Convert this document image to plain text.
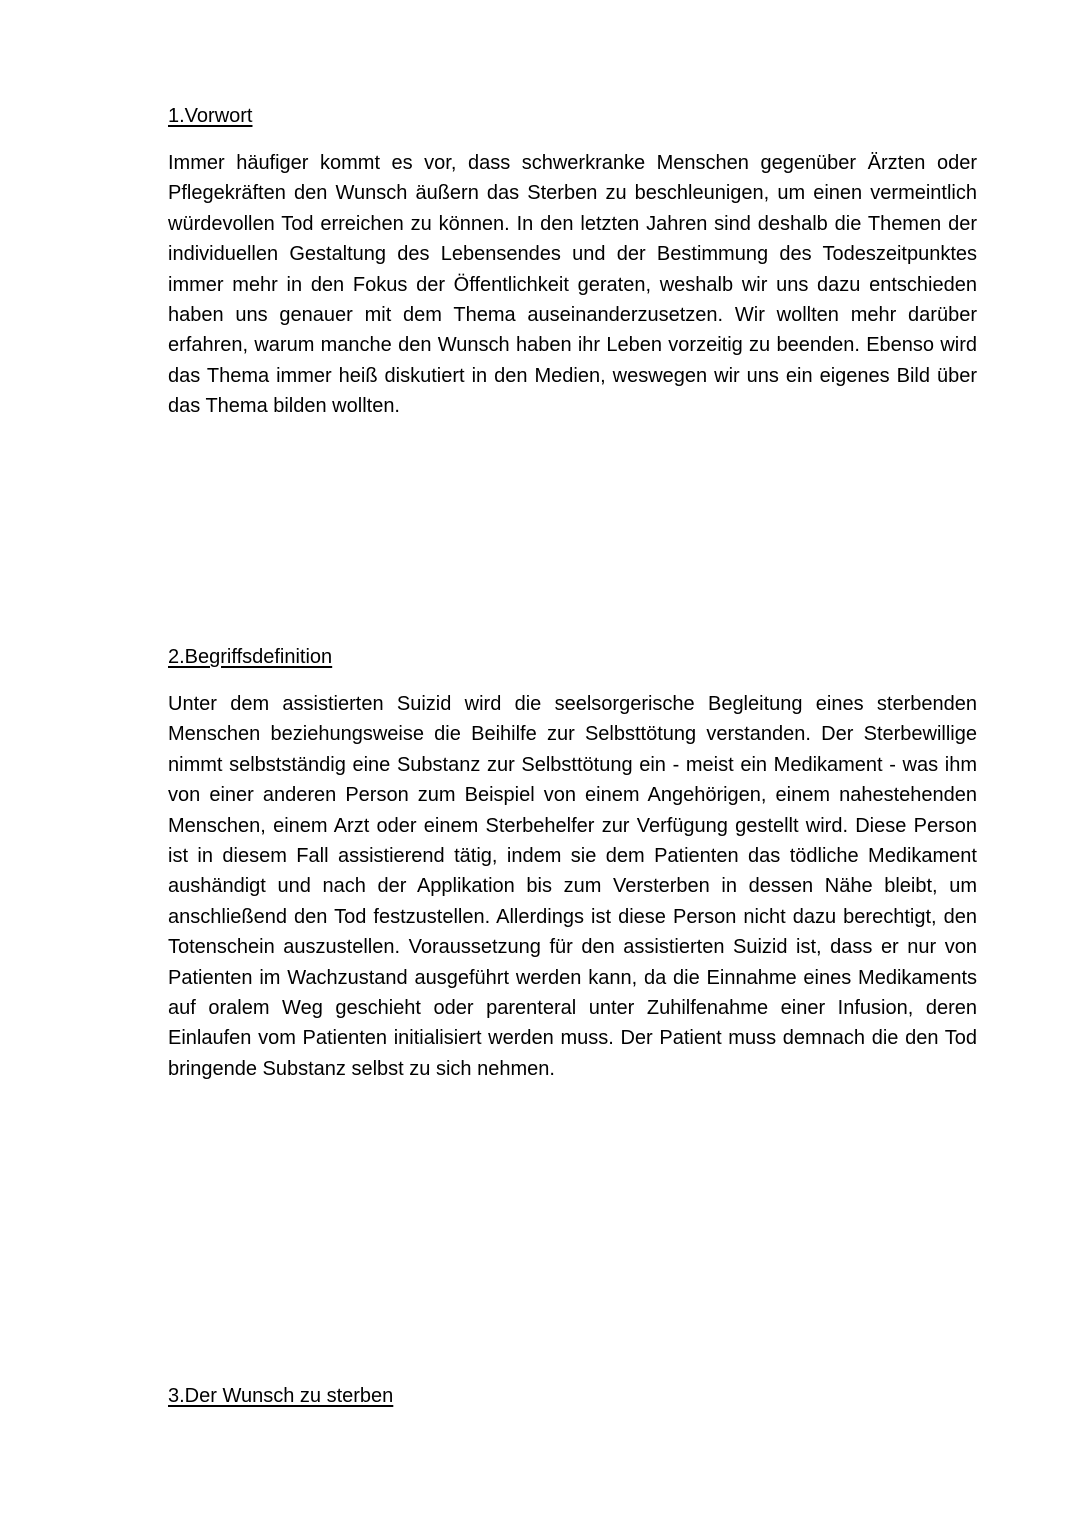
1.Vorwort

Immer häufiger kommt es vor, dass schwerkranke Menschen gegenüber Ärzten oder Pflegekräften den Wunsch äußern das Sterben zu beschleunigen, um einen vermeintlich würdevollen Tod erreichen zu können. In den letzten Jahren sind deshalb die Themen der individuellen Gestaltung des Lebensendes und der Bestimmung des Todeszeitpunktes immer mehr in den Fokus der Öffentlichkeit geraten, weshalb wir uns dazu entschieden haben uns genauer mit dem Thema auseinanderzusetzen. Wir wollten mehr darüber erfahren, warum manche den Wunsch haben ihr Leben vorzeitig zu beenden. Ebenso wird das Thema immer heiß diskutiert in den Medien, weswegen wir uns ein eigenes Bild über das Thema bilden wollten.

2.Begriffsdefinition

Unter dem assistierten Suizid wird die seelsorgerische Begleitung eines sterbenden Menschen beziehungsweise die Beihilfe zur Selbsttötung verstanden. Der Sterbewillige nimmt selbstständig eine Substanz zur Selbsttötung ein - meist ein Medikament - was ihm von einer anderen Person zum Beispiel von einem Angehörigen, einem nahestehenden Menschen, einem Arzt oder einem Sterbehelfer zur Verfügung gestellt wird. Diese Person ist in diesem Fall assistierend tätig, indem sie dem Patienten das tödliche Medikament aushändigt und nach der Applikation bis zum Versterben in dessen Nähe bleibt, um anschließend den Tod festzustellen. Allerdings ist diese Person nicht dazu berechtigt, den Totenschein auszustellen. Voraussetzung für den assistierten Suizid ist, dass er nur von Patienten im Wachzustand ausgeführt werden kann, da die Einnahme eines Medikaments auf oralem Weg geschieht oder parenteral unter Zuhilfenahme einer Infusion, deren Einlaufen vom Patienten initialisiert werden muss. Der Patient muss demnach die den Tod bringende Substanz selbst zu sich nehmen.

3.Der Wunsch zu sterben
